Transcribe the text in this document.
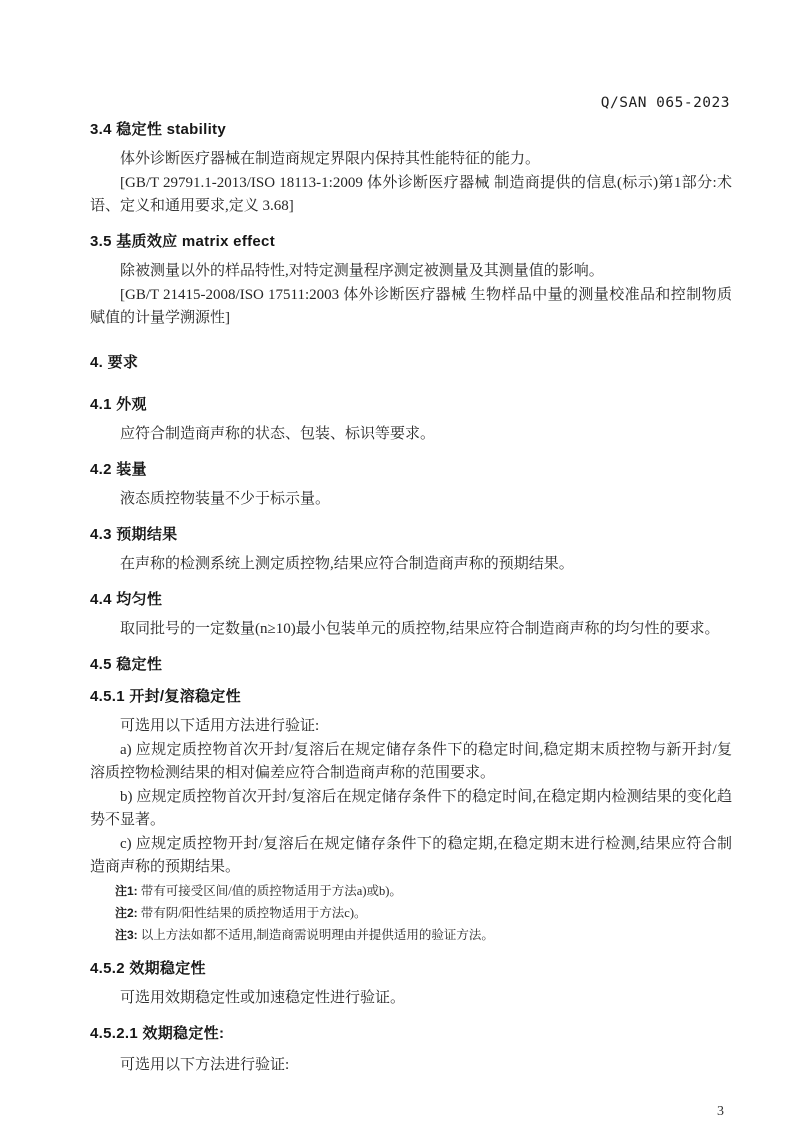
Q/SAN 065-2023
3.4 稳定性 stability
体外诊断医疗器械在制造商规定界限内保持其性能特征的能力。
[GB/T 29791.1-2013/ISO 18113-1:2009 体外诊断医疗器械 制造商提供的信息(标示)第1部分:术语、定义和通用要求,定义 3.68]
3.5 基质效应 matrix effect
除被测量以外的样品特性,对特定测量程序测定被测量及其测量值的影响。
[GB/T 21415-2008/ISO 17511:2003 体外诊断医疗器械 生物样品中量的测量校准品和控制物质赋值的计量学溯源性]
4. 要求
4.1 外观
应符合制造商声称的状态、包装、标识等要求。
4.2 装量
液态质控物装量不少于标示量。
4.3 预期结果
在声称的检测系统上测定质控物,结果应符合制造商声称的预期结果。
4.4 均匀性
取同批号的一定数量(n≥10)最小包装单元的质控物,结果应符合制造商声称的均匀性的要求。
4.5 稳定性
4.5.1 开封/复溶稳定性
可选用以下适用方法进行验证:
a) 应规定质控物首次开封/复溶后在规定储存条件下的稳定时间,稳定期末质控物与新开封/复溶质控物检测结果的相对偏差应符合制造商声称的范围要求。
b) 应规定质控物首次开封/复溶后在规定储存条件下的稳定时间,在稳定期内检测结果的变化趋势不显著。
c) 应规定质控物开封/复溶后在规定储存条件下的稳定期,在稳定期末进行检测,结果应符合制造商声称的预期结果。
注1: 带有可接受区间/值的质控物适用于方法a)或b)。
注2: 带有阴/阳性结果的质控物适用于方法c)。
注3: 以上方法如都不适用,制造商需说明理由并提供适用的验证方法。
4.5.2 效期稳定性
可选用效期稳定性或加速稳定性进行验证。
4.5.2.1 效期稳定性:
可选用以下方法进行验证:
3
